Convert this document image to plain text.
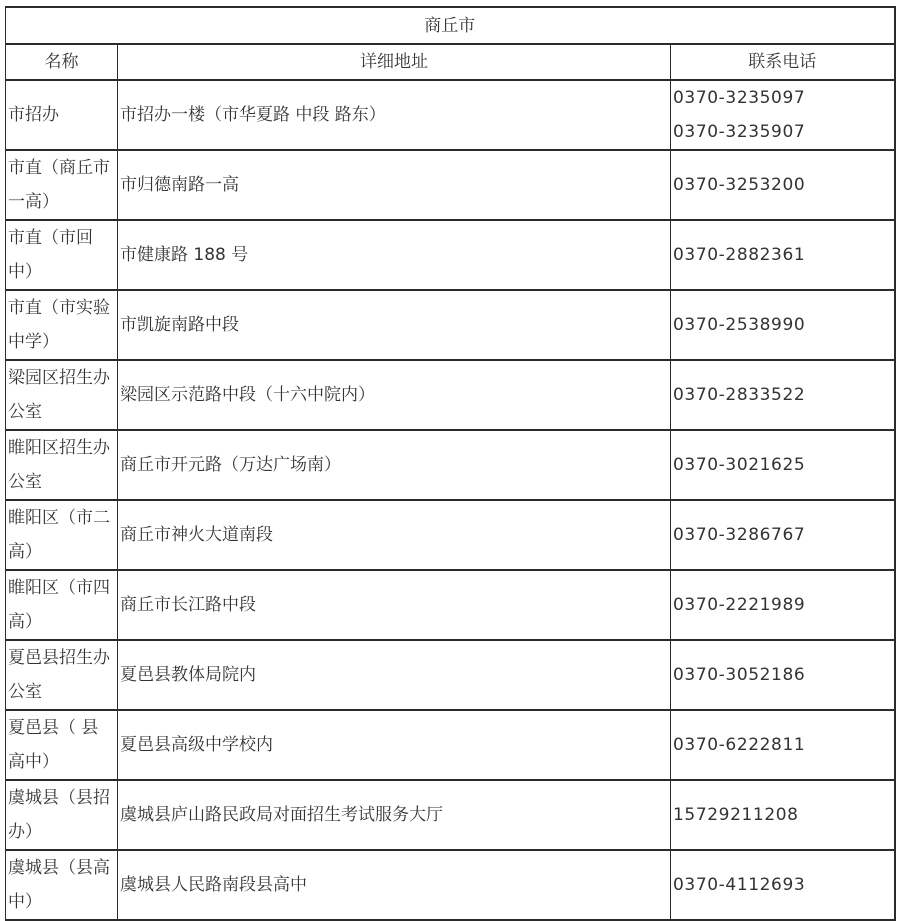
商丘市		
名称	详细地址	联系电话
市招办	市招办一楼（市华夏路 中段 路东）	0370-3235097
0370-3235907

市直（商丘市一高）	市归德南路一高	0370-3253200

市直（市回中）	市健康路 188 号	0370-2882361

市直（市实验中学）	市凯旋南路中段	0370-2538990

梁园区招生办公室	梁园区示范路中段（十六中院内）	0370-2833522

睢阳区招生办公室	商丘市开元路（万达广场南）	0370-3021625

睢阳区（市二高）	商丘市神火大道南段	0370-3286767

睢阳区（市四高）	商丘市长江路中段	0370-2221989

夏邑县招生办公室	夏邑县教体局院内	0370-3052186

夏邑县（ 县高中）	夏邑县高级中学校内	0370-6222811

虞城县（县招办）	虞城县庐山路民政局对面招生考试服务大厅	15729211208

虞城县（县高中）	虞城县人民路南段县高中	0370-4112693
